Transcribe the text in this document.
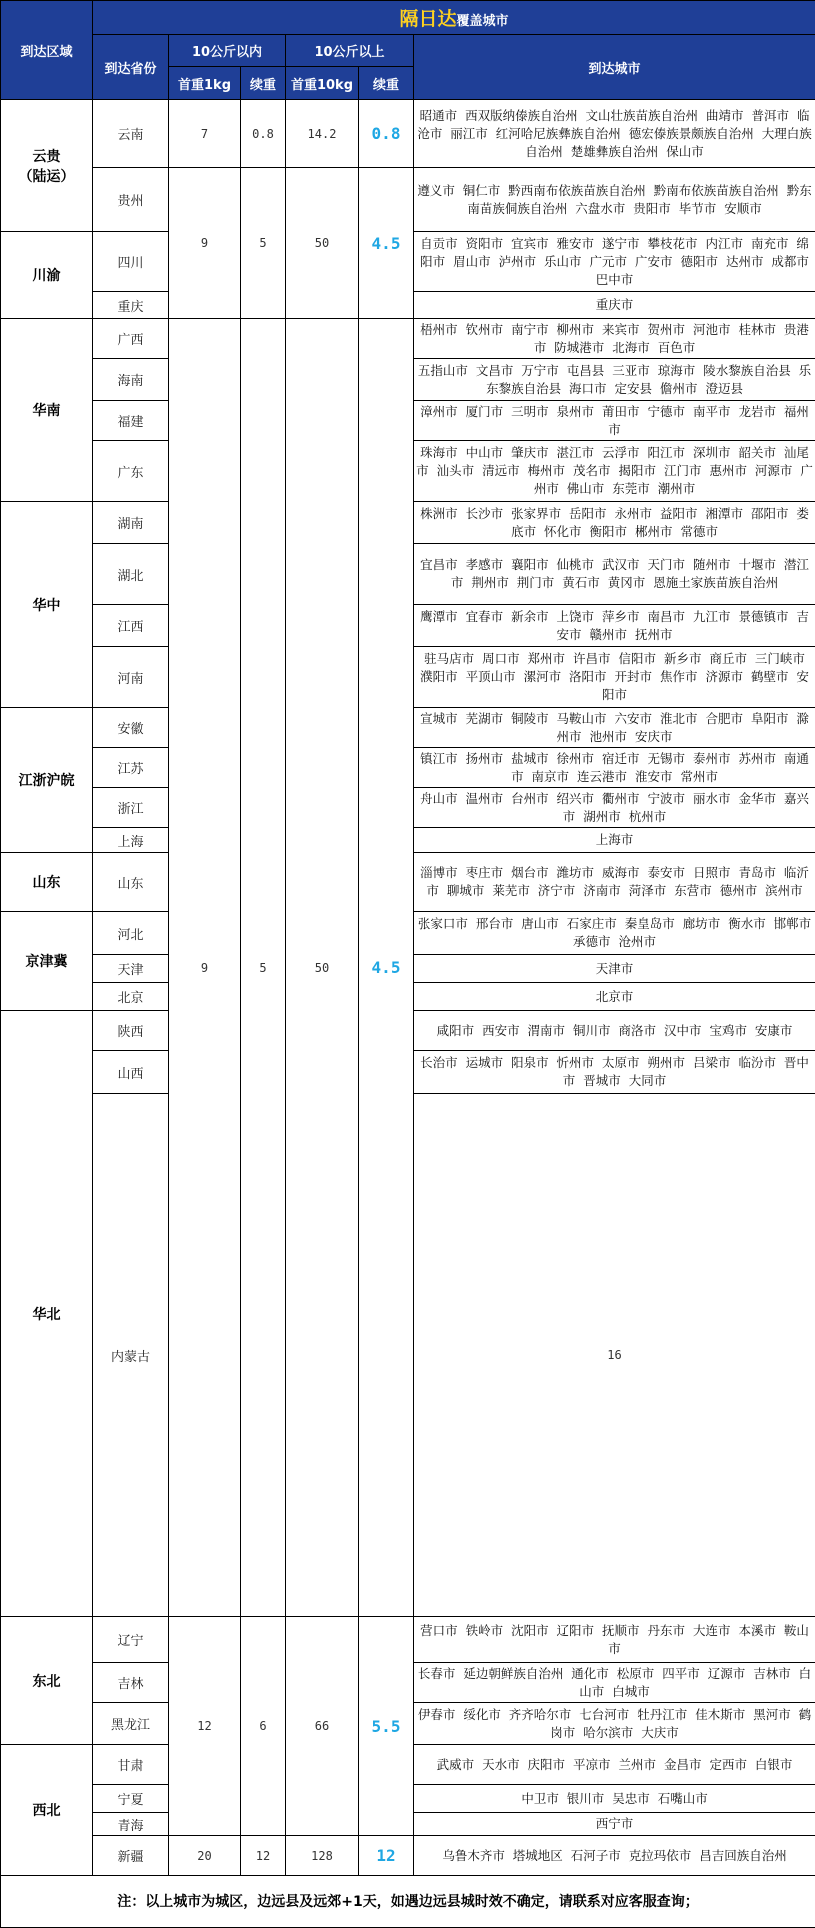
到达区域	隔日达覆盖城市						
	到达省份	10公斤以内		10公斤以上		到达城市	
		首重1kg	续重	首重10kg	续重		
云贵
（陆运）	云南	7	0.8	14.2	0.8	昭通市 西双版纳傣族自治州 文山壮族苗族自治州 曲靖市 普洱市 临沧市 丽江市 红河哈尼族彝族自治州 德宏傣族景颇族自治州 大理白族自治州 楚雄彝族自治州 保山市	
	贵州	9	5	50	4.5	遵义市 铜仁市 黔西南布依族苗族自治州 黔南布依族苗族自治州 黔东南苗族侗族自治州 六盘水市 贵阳市 毕节市 安顺市	
川渝	四川					自贡市 资阳市 宜宾市 雅安市 遂宁市 攀枝花市 内江市 南充市 绵阳市 眉山市 泸州市 乐山市 广元市 广安市 德阳市 达州市 成都市 巴中市	
	重庆					重庆市	
华南	广西	9	5	50	4.5	梧州市 钦州市 南宁市 柳州市 来宾市 贺州市 河池市 桂林市 贵港市 防城港市 北海市 百色市	
	海南					五指山市 文昌市 万宁市 屯昌县 三亚市 琼海市 陵水黎族自治县 乐东黎族自治县 海口市 定安县 儋州市 澄迈县	
	福建					漳州市 厦门市 三明市 泉州市 莆田市 宁德市 南平市 龙岩市 福州市	
	广东					珠海市 中山市 肇庆市 湛江市 云浮市 阳江市 深圳市 韶关市 汕尾市 汕头市 清远市 梅州市 茂名市 揭阳市 江门市 惠州市 河源市 广州市 佛山市 东莞市 潮州市	
华中	湖南					株洲市 长沙市 张家界市 岳阳市 永州市 益阳市 湘潭市 邵阳市 娄底市 怀化市 衡阳市 郴州市 常德市	
	湖北					宜昌市 孝感市 襄阳市 仙桃市 武汉市 天门市 随州市 十堰市 潜江市 荆州市 荆门市 黄石市 黄冈市 恩施土家族苗族自治州	
	江西					鹰潭市 宜春市 新余市 上饶市 萍乡市 南昌市 九江市 景德镇市 吉安市 赣州市 抚州市	
	河南					驻马店市 周口市 郑州市 许昌市 信阳市 新乡市 商丘市 三门峡市 濮阳市 平顶山市 漯河市 洛阳市 开封市 焦作市 济源市 鹤壁市 安阳市	
江浙沪皖	安徽					宣城市 芜湖市 铜陵市 马鞍山市 六安市 淮北市 合肥市 阜阳市 滁州市 池州市 安庆市	
	江苏					镇江市 扬州市 盐城市 徐州市 宿迁市 无锡市 泰州市 苏州市 南通市 南京市 连云港市 淮安市 常州市	
	浙江					舟山市 温州市 台州市 绍兴市 衢州市 宁波市 丽水市 金华市 嘉兴市 湖州市 杭州市	
	上海					上海市	
山东	山东					淄博市 枣庄市 烟台市 潍坊市 威海市 泰安市 日照市 青岛市 临沂市 聊城市 莱芜市 济宁市 济南市 菏泽市 东营市 德州市 滨州市	
京津冀	河北					张家口市 邢台市 唐山市 石家庄市 秦皇岛市 廊坊市 衡水市 邯郸市 承德市 沧州市	
	天津					天津市	
	北京					北京市	
华北	陕西					咸阳市 西安市 渭南市 铜川市 商洛市 汉中市 宝鸡市 安康市	
	山西					长治市 运城市 阳泉市 忻州市 太原市 朔州市 吕梁市 临汾市 晋中市 晋城市 大同市	
	内蒙古					16				
东北	辽宁	12	6	66	5.5	营口市 铁岭市 沈阳市 辽阳市 抚顺市 丹东市 大连市 本溪市 鞍山市	
	吉林					长春市 延边朝鲜族自治州 通化市 松原市 四平市 辽源市 吉林市 白山市 白城市	
	黑龙江					伊春市 绥化市 齐齐哈尔市 七台河市 牡丹江市 佳木斯市 黑河市 鹤岗市 哈尔滨市 大庆市	
西北	甘肃					武威市 天水市 庆阳市 平凉市 兰州市 金昌市 定西市 白银市	
	宁夏					中卫市 银川市 吴忠市 石嘴山市	
	青海					西宁市	
	新疆	20	12	128	12	乌鲁木齐市 塔城地区 石河子市 克拉玛依市 昌吉回族自治州	
注：以上城市为城区，边远县及远郊+1天，如遇边远县城时效不确定，请联系对应客服查询；							
